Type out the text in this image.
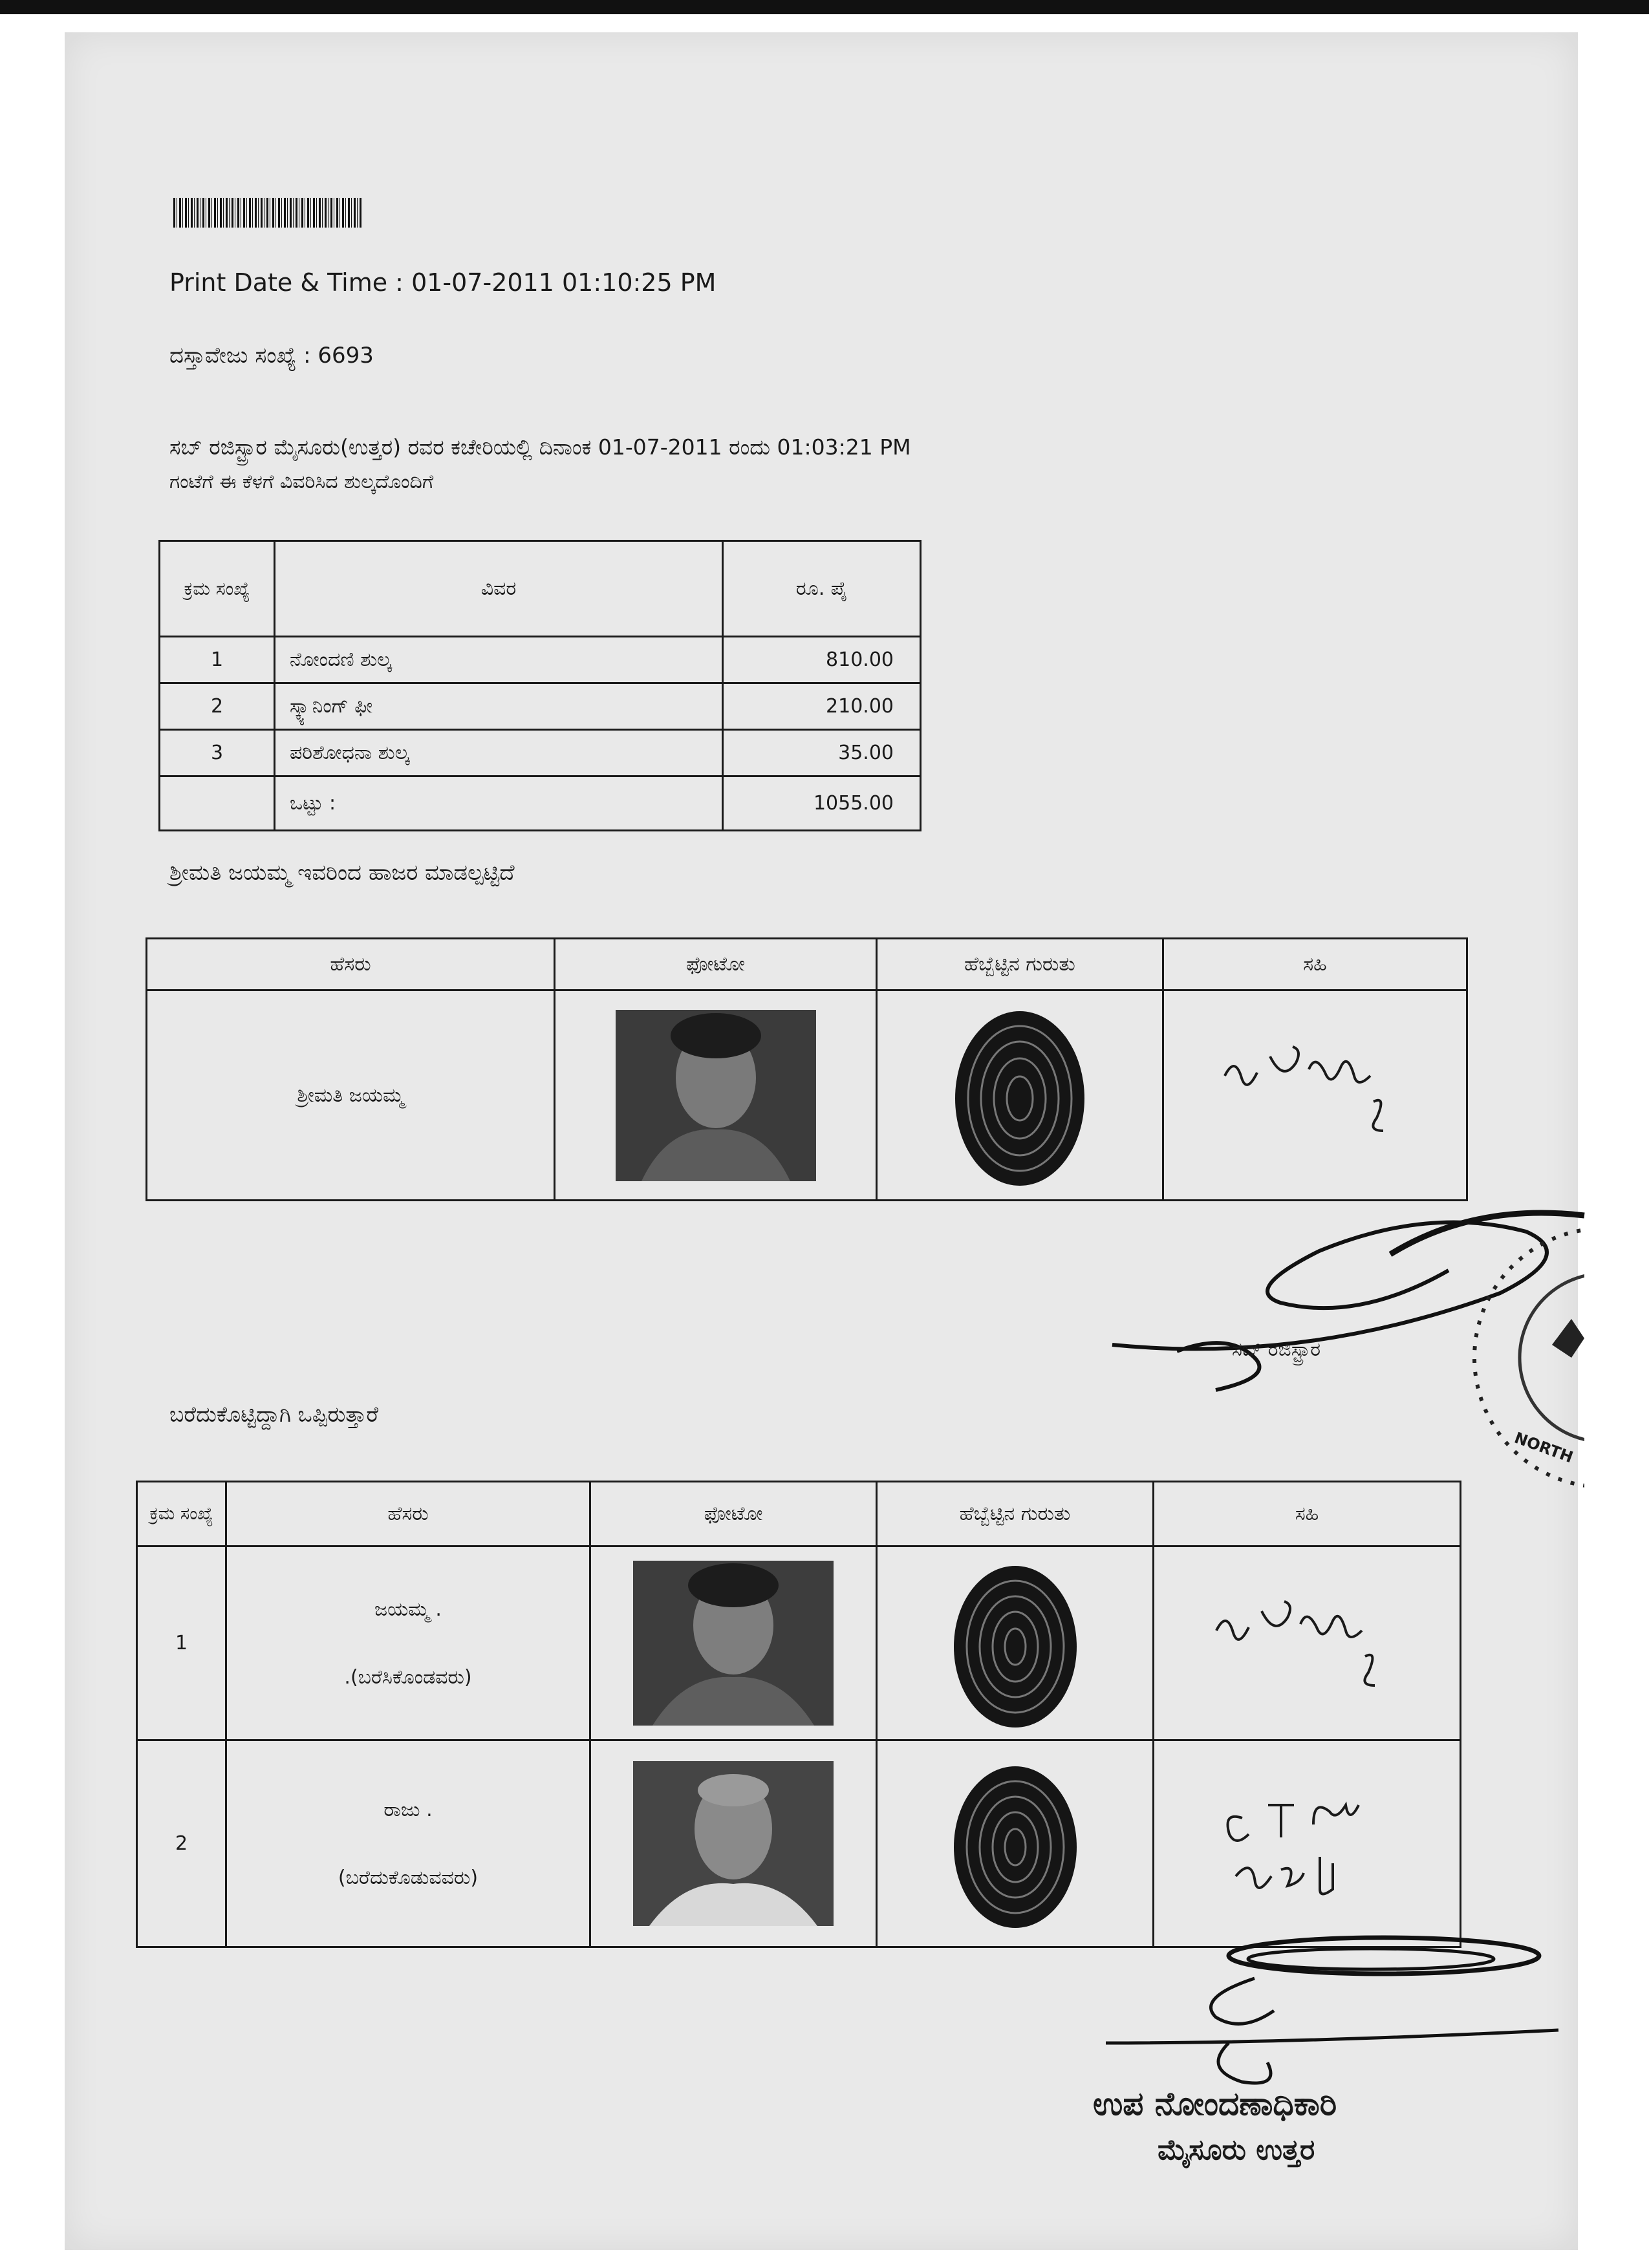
Print Date & Time : 01-07-2011 01:10:25 PM
ದಸ್ತಾವೇಜು ಸಂಖ್ಯೆ : 6693
ಸಬ್ ರಜಿಸ್ಟ್ರಾರ ಮೈಸೂರು(ಉತ್ತರ) ರವರ ಕಚೇರಿಯಲ್ಲಿ ದಿನಾಂಕ 01-07-2011 ರಂದು 01:03:21 PM
ಗಂಟೆಗೆ ಈ ಕೆಳಗೆ ವಿವರಿಸಿದ ಶುಲ್ಕದೊಂದಿಗೆ
ಕ್ರಮ ಸಂಖ್ಯೆ	ವಿವರ	ರೂ. ಪೈ
1	ನೋಂದಣಿ ಶುಲ್ಕ	810.00
2	ಸ್ಕ್ಯಾನಿಂಗ್ ಫೀ	210.00
3	ಪರಿಶೋಧನಾ ಶುಲ್ಕ	35.00
	ಒಟ್ಟು :	1055.00
ಶ್ರೀಮತಿ ಜಯಮ್ಮ ಇವರಿಂದ ಹಾಜರ ಮಾಡಲ್ಪಟ್ಟಿದೆ
ಹೆಸರು	ಫೋಟೋ	ಹೆಬ್ಬೆಟ್ಟಿನ ಗುರುತು	ಸಹಿ
ಶ್ರೀಮತಿ ಜಯಮ್ಮ	

ಸಬ್ ರಜಿಸ್ಟ್ರಾರ
NORTH
ಬರೆದುಕೊಟ್ಟಿದ್ದಾಗಿ ಒಪ್ಪಿರುತ್ತಾರೆ
ಕ್ರಮ ಸಂಖ್ಯೆ	ಹೆಸರು	ಫೋಟೋ	ಹೆಬ್ಬೆಟ್ಟಿನ ಗುರುತು	ಸಹಿ
1	ಜಯಮ್ಮ .
.(ಬರೆಸಿಕೊಂಡವರು)

2	ರಾಜು .
(ಬರೆದುಕೊಡುವವರು)

ಉಪ ನೋಂದಣಾಧಿಕಾರಿ
ಮೈಸೂರು ಉತ್ತರ
